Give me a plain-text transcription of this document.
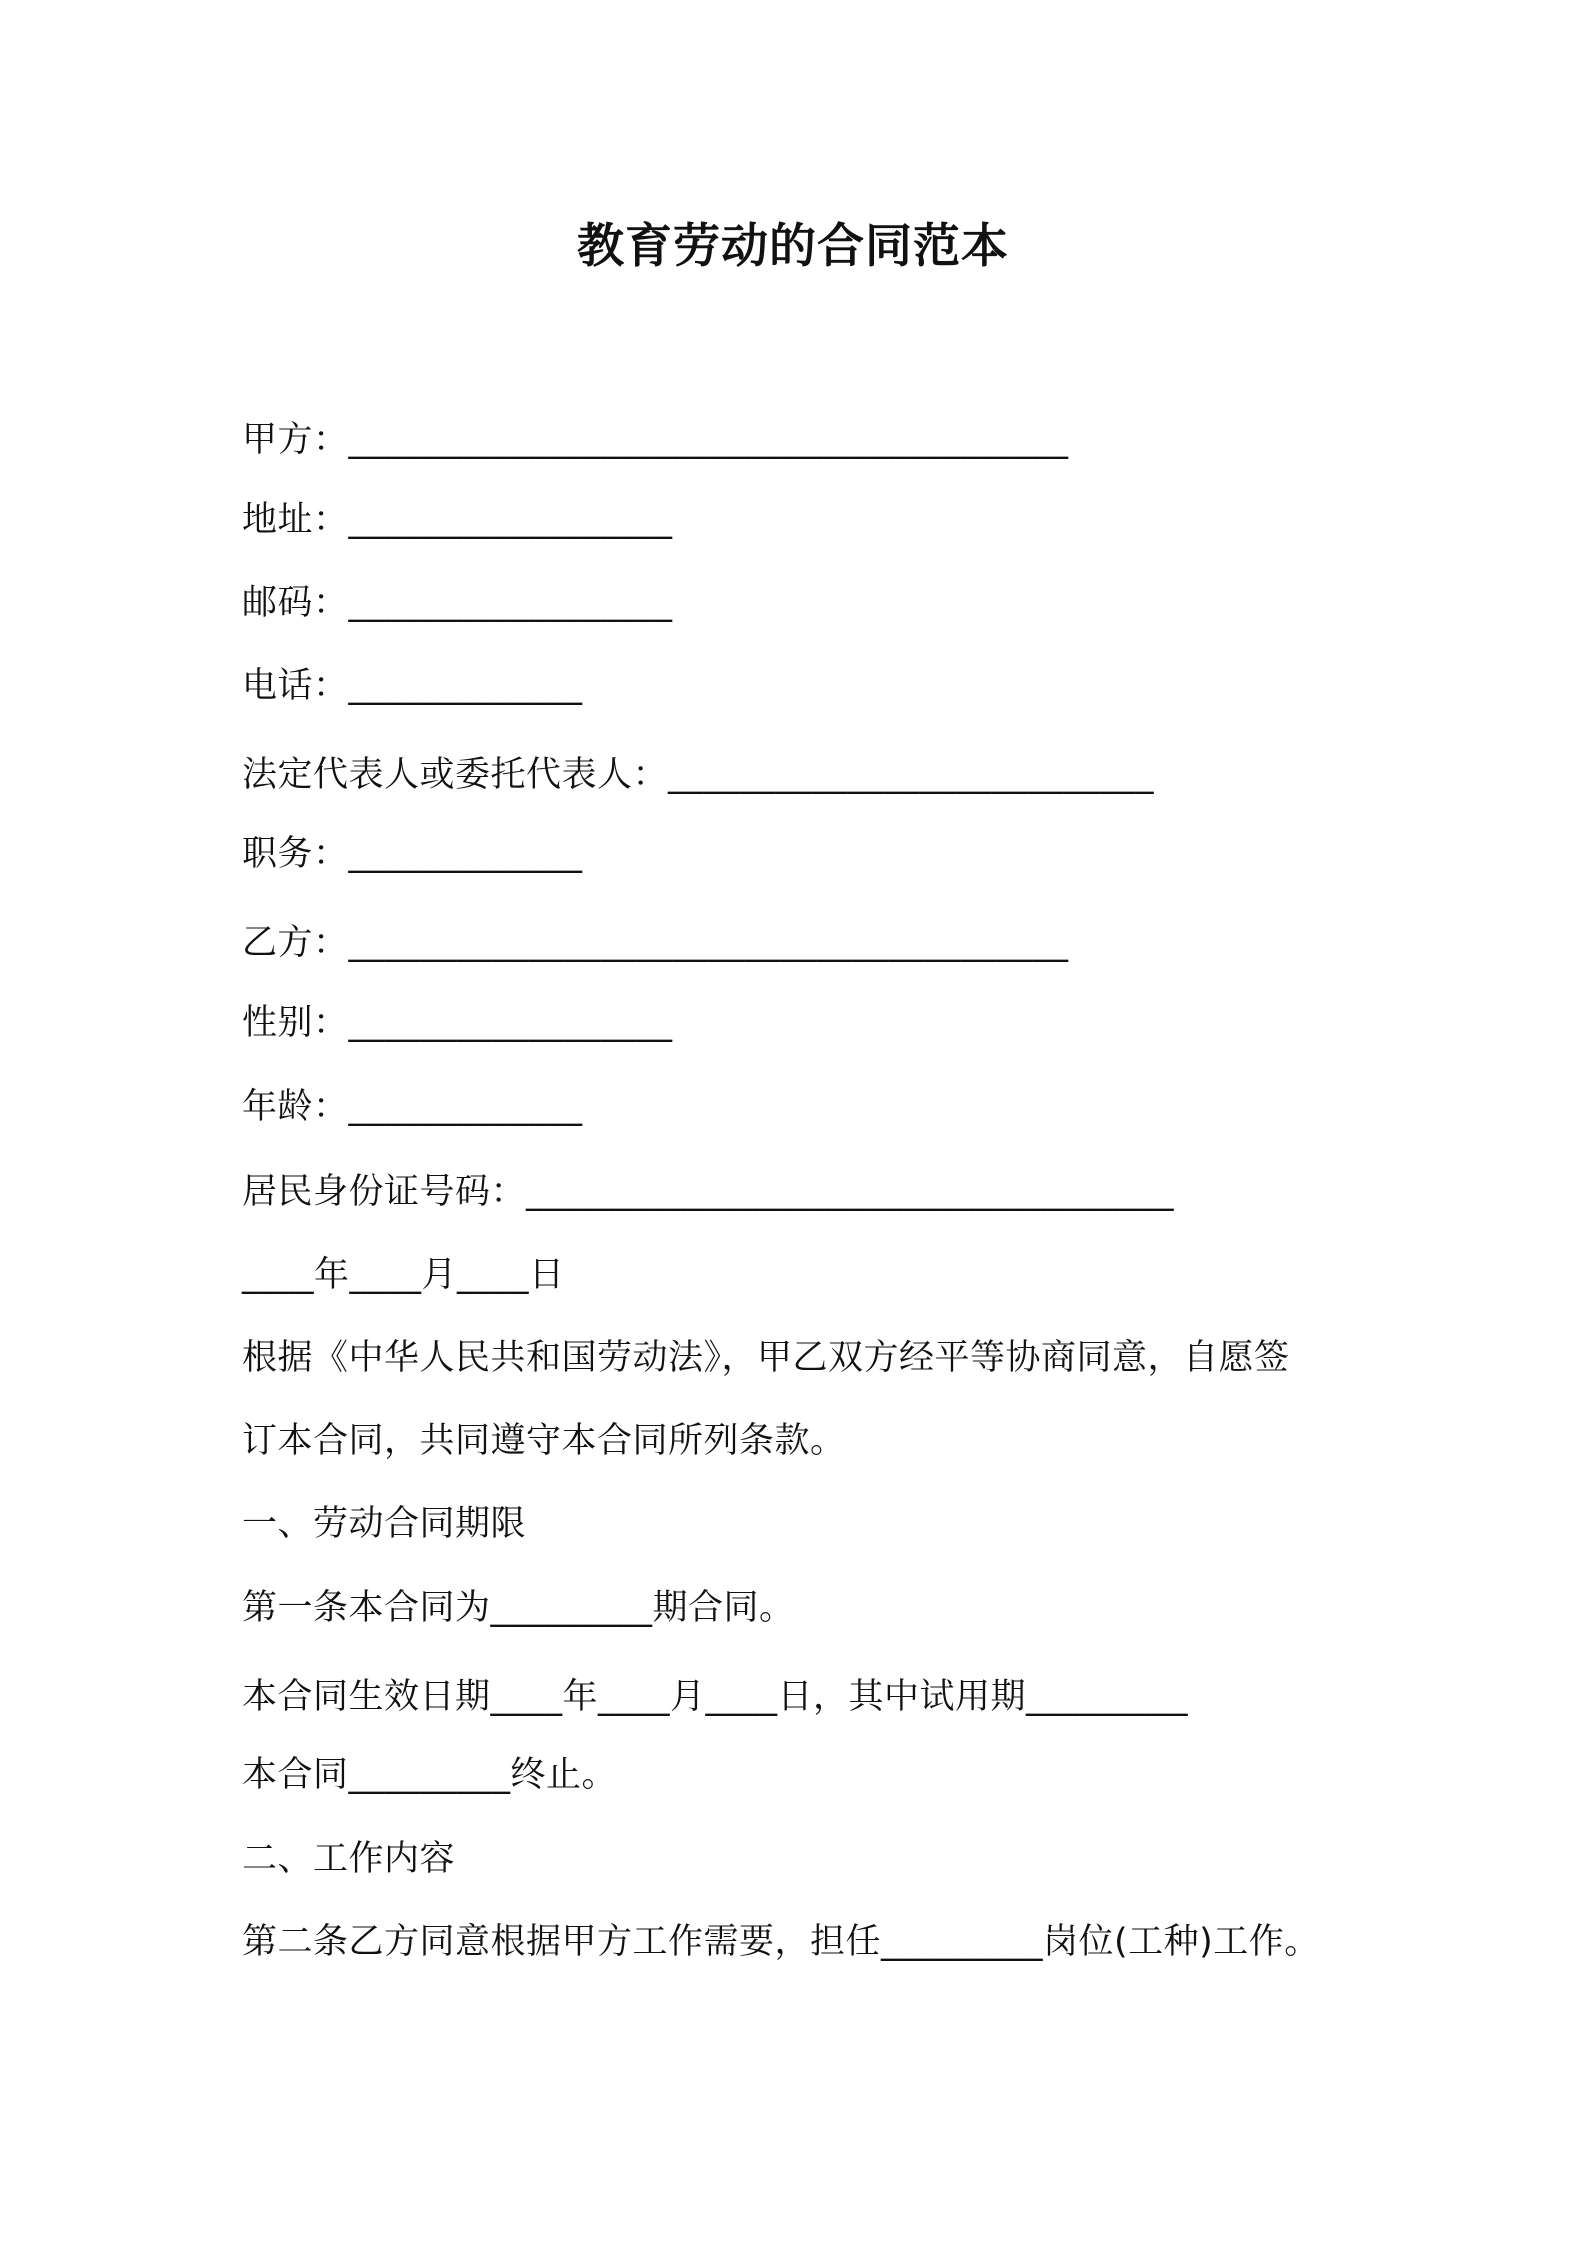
教育劳动的合同范本
甲方：________________________________________
地址：__________________
邮码：__________________
电话：_____________
法定代表人或委托代表人：___________________________
职务：_____________
乙方：________________________________________
性别：__________________
年龄：_____________
居民身份证号码：____________________________________
____年____月____日
根据《中华人民共和国劳动法》，甲乙双方经平等协商同意，自愿签
订本合同，共同遵守本合同所列条款。
一、劳动合同期限
第一条本合同为_________期合同。
本合同生效日期____年____月____日，其中试用期_________
本合同_________终止。
二、工作内容
第二条乙方同意根据甲方工作需要，担任_________岗位(工种)工作。
